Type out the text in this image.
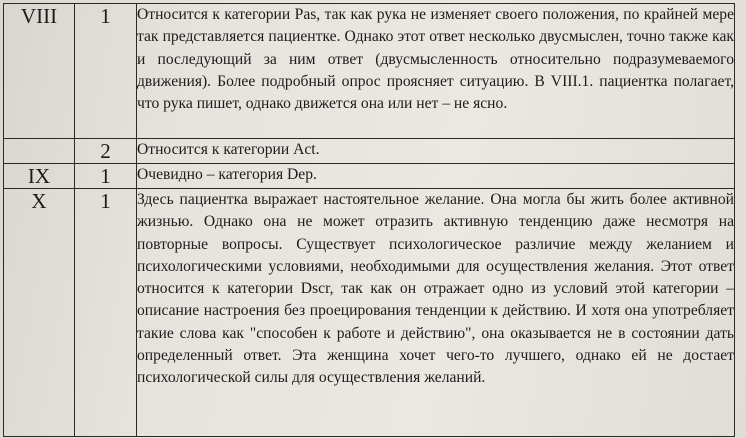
VIII	1	Относится к категории Pas, так как рука не изменяет своего положения, по крайней мере так представляется пациентке. Однако этот ответ несколько двусмыслен, точно также как и последующий за ним ответ (двусмысленность относительно подразумеваемого движения). Более подробный опрос проясняет ситуацию. В VIII.1. пациентка полагает, что рука пишет, однако движется она или нет – не ясно.

	2	Относится к категории Act.

IX	1	Очевидно – категория Dep.

X	1	Здесь пациентка выражает настоятельное желание. Она могла бы жить более активной жизнью. Однако она не может отразить активную тенденцию даже несмотря на повторные вопросы. Существует психологическое различие между желанием и психологическими условиями, необходимыми для осуществления желания. Этот ответ относится к категории Dscr, так как он отражает одно из условий этой категории – описание настроения без проецирования тенденции к действию. И хотя она употребляет такие слова как "способен к работе и действию", она оказывается не в состоянии дать определенный ответ. Эта женщина хочет чего-то лучшего, однако ей не достает психологической силы для осуществления желаний.
